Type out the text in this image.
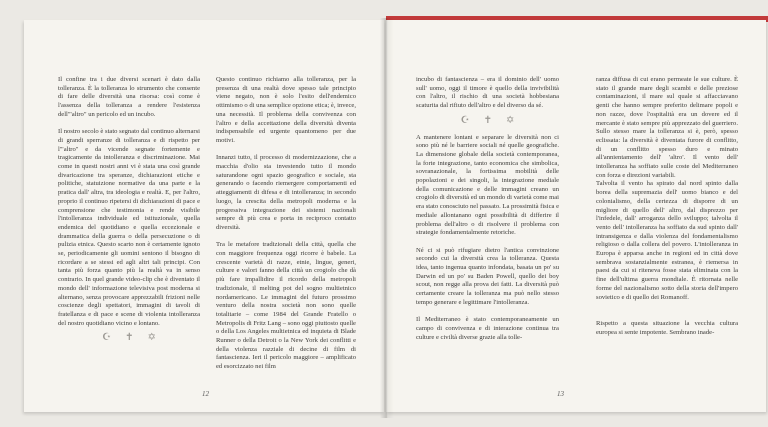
Il confine tra i due diversi scenari è dato dalla tolleranza. È la tolleranza lo strumento che consente di fare delle diversità una risorsa: così come è l'assenza della tolleranza a rendere l'esistenza dell'"altro" un pericolo ed un incubo.

Il nostro secolo è stato segnato dal continuo alternarsi di grandi sperranze di tolleranza e di rispetto per l'"altro" e da vicende segnate fortemente e tragicamente da intolleranza e discriminazione. Mai come in questi nostri anni vi è stata una così grande divaricazione tra speranze, dichiarazioni etiche e politiche, statuizione normative da una parte e la pratica dall' altra, tra ideologia e realtà. E, per l'altro, proprio il continuo ripetersi di dichiarazioni di pace e comprensione che testimonia e rende visibile l'intolleranza individuale ed istituzionale, quella endemica del quotidiano e quella eccezionale e drammatica della guerra o della persecuzione o di pulizia etnica. Questo scarto non è certamente ignoto se, periodicamente gli uomini sentono il bisogno di ricordare a se stessi ed agli altri tali principi. Con tanta più forza quanto più la realtà va in senso contrario. In quel grande video-clip che è diventato il mondo dell' informazione televisiva post moderna si alternano, senza provocare apprezzabili frizioni nelle coscienze degli spettatori, immagini di tavoli di fratellanza e di pace e scene di violenta intolleranza del nostro quotidiano vicino e lontano.

☪ ✝ ✡

Questo continuo richiamo alla tolleranza, per la presenza di una realtà dove spesso tale principio viene negato, non è solo l'esito dell'endemico ottimismo o di una semplice opzione etica; è, invece, una necessità. Il problema della convivenza con l'altro e della accettazione della diversità diventa indispensabile ed urgente quantomeno per due motivi.

Innanzi tutto, il processo di modernizzazione, che a macchia d'olio sta investendo tutto il mondo saturandone ogni spazio geografico e sociale, sta generando o facendo riemergere comportamenti ed atteggiamenti di difesa e di intolleranza; in secondo luogo, la crescita della metropoli moderna e la progressiva integrazione dei sistemi nazionali sempre di più crea e porta in reciproco contatto diversità.

Tra le metafore tradizionali della città, quella che con maggiore frequenza oggi ricorre è babele. La crescente varietà di razze, etnie, lingue, generi, culture e valori fanno della città un crogiolo che dà più fare impallidire il ricordo della metropoli tradizionale, il melting pot del sogno multietnico nordamericano. Le immagini del futuro prossimo venturo della nostra società non sono quelle totalitarie – come 1984 del Grande Fratello o Metropolis di Fritz Lang – sono oggi piuttosto quelle o della Los Angeles multietnica ed inquieta di Blade Runner o della Detroit o la New York dei conflitti e della violenza razziale di decine di film di fantascienza. Ieri il pericolo maggiore – amplificato ed esorcizzato nei film

12

incubo di fantascienza – era il dominio dell' uomo sull' uomo, oggi il timore è quello della invivibilità con l'altro, il rischio di una società hobbesiana scaturita dal rifiuto dell'altro e del diverso da sé.

☪ ✝ ✡

A mantenere lontani e separare le diversità non ci sono più né le barriere sociali né quelle geografiche. La dimensione globale della società contemporanea, la forte integrazione, tanto economica che simbolica, sovranazionale, la fortissima mobilità delle popolazioni e dei singoli, la integrazione mediale della comunicazione e delle immagini creano un crogiolo di diversità ed un mondo di varietà come mai era stato conosciuto nel passato. La prossimità fisica e mediale allontanano ogni possibilità di differire il problema dell'altro o di risolvere il problema con strategie fondamentalmente retoriche.

Né ci si può rifugiare dietro l'antica convinzione secondo cui la diversità crea la tolleranza. Questa idea, tanto ingenua quanto infondata, basata un po' su Darwin ed un po' su Baden Powell, quello dei boy scout, non regge alla prova dei fatti. La diversità può certamente creare la tolleranza ma può nello stesso tempo generare e legittimare l'intolleranza.

Il Mediterraneo è stato contemporaneamente un campo di convivenza e di interazione continua tra culture e civiltà diverse grazie alla tolle-

ranza diffusa di cui erano permeate le sue culture. È stato il grande mare degli scambi e delle preziose contaminazioni, il mare sul quale si affacciavano genti che hanno sempre preferito delimare popoli e non razze, dove l'ospitalità era un dovere ed il mercante è stato sempre più apprezzato del guerriero. Sullo stesso mare la tolleranza si è, però, spesso eclissata: la diversità è diventata furore di conflitto, di un conflitto spesso duro e minato all'annientamento dell' 'altro'. Il vento dell' intolleranza ha soffiato sulle coste del Mediterraneo con forza e direzioni variabili.

Talvolta il vento ha spirato dal nord spinto dalla borea della supremazia dell' uomo bianco e del colonialismo, della certezza di disporre di un migliore di quello dell' altro, dal disprezzo per l'infedele, dall' arroganza dello sviluppo; talvolta il vento dell' intolleranza ha soffiato da sud spinto dall' intransigenza e dalla violenza del fondamentalismo religioso o dalla collera del povero. L'intolleranza in Europa è apparsa anche in regioni ed in città dove sembrava sostanzialmente estranea, è riemersa in paesi da cui si riteneva fosse stata eliminata con la fine dell'ultima guerra mondiale. È ritornata nelle forme del nazionalismo sotto della storia dell'impero sovietico e di quello dei Romanoff.

Rispetto a questa situazione la vecchia cultura europea si sente impotente. Sembrano inade-

13
